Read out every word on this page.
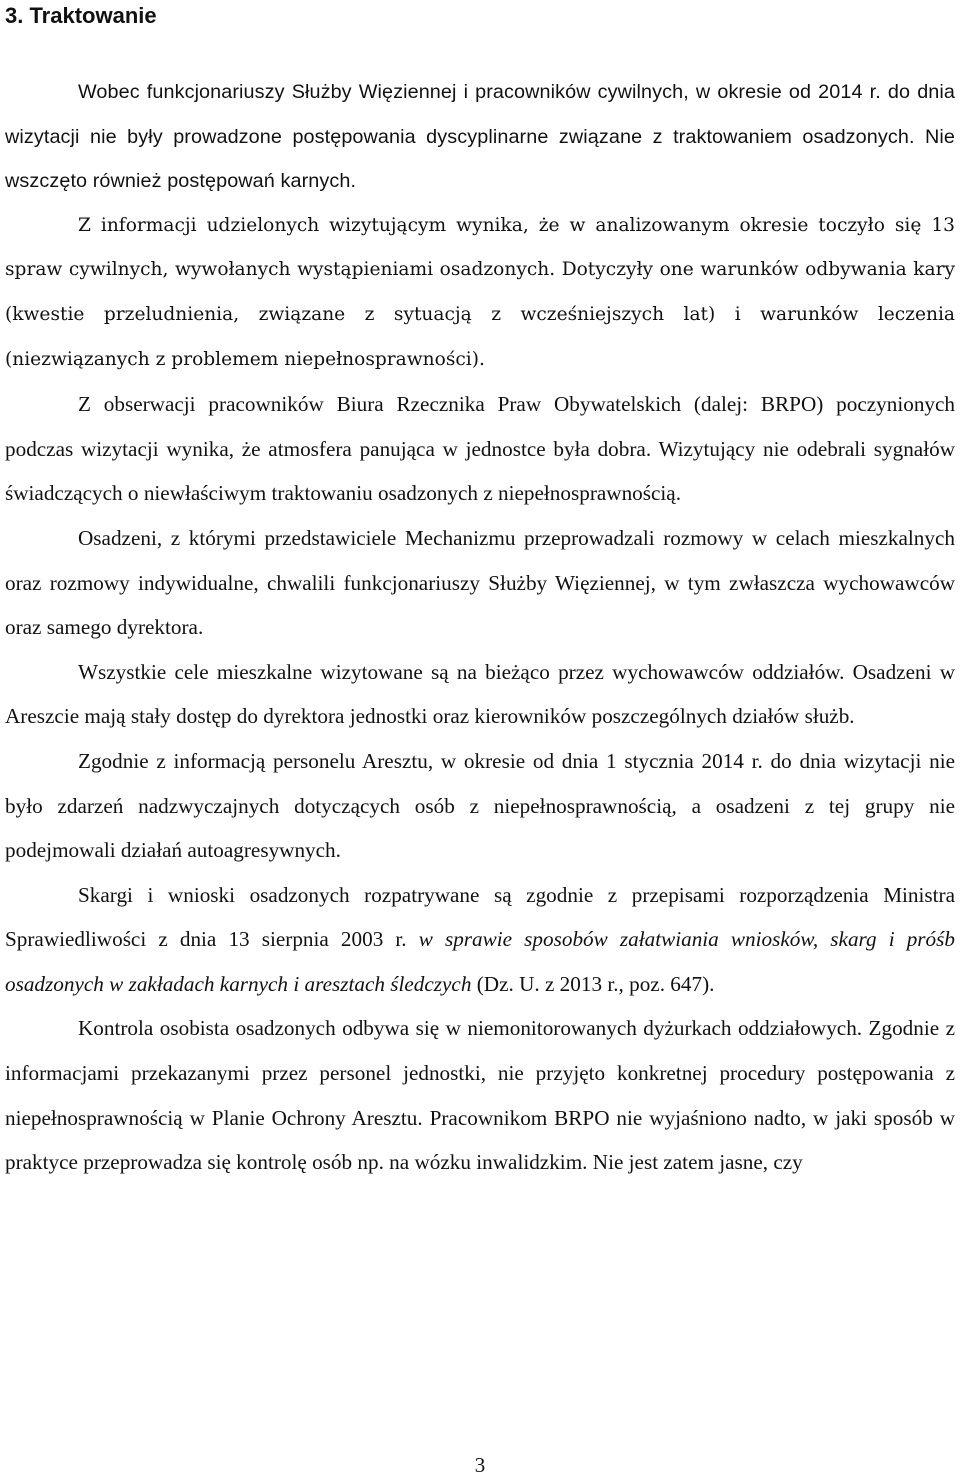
3. Traktowanie

Wobec funkcjonariuszy Służby Więziennej i pracowników cywilnych, w okresie od 2014 r. do dnia wizytacji nie były prowadzone postępowania dyscyplinarne związane z traktowaniem osadzonych. Nie wszczęto również postępowań karnych.

Z informacji udzielonych wizytującym wynika, że w analizowanym okresie toczyło się 13 spraw cywilnych, wywołanych wystąpieniami osadzonych. Dotyczyły one warunków odbywania kary (kwestie przeludnienia, związane z sytuacją z wcześniejszych lat) i warunków leczenia (niezwiązanych z problemem niepełnosprawności).

Z obserwacji pracowników Biura Rzecznika Praw Obywatelskich (dalej: BRPO) poczynionych podczas wizytacji wynika, że atmosfera panująca w jednostce była dobra. Wizytujący nie odebrali sygnałów świadczących o niewłaściwym traktowaniu osadzonych z niepełnosprawnością.

Osadzeni, z którymi przedstawiciele Mechanizmu przeprowadzali rozmowy w celach mieszkalnych oraz rozmowy indywidualne, chwalili funkcjonariuszy Służby Więziennej, w tym zwłaszcza wychowawców oraz samego dyrektora.

Wszystkie cele mieszkalne wizytowane są na bieżąco przez wychowawców oddziałów. Osadzeni w Areszcie mają stały dostęp do dyrektora jednostki oraz kierowników poszczególnych działów służb.

Zgodnie z informacją personelu Aresztu, w okresie od dnia 1 stycznia 2014 r. do dnia wizytacji nie było zdarzeń nadzwyczajnych dotyczących osób z niepełnosprawnością, a osadzeni z tej grupy nie podejmowali działań autoagresywnych.

Skargi i wnioski osadzonych rozpatrywane są zgodnie z przepisami rozporządzenia Ministra Sprawiedliwości z dnia 13 sierpnia 2003 r. w sprawie sposobów załatwiania wniosków, skarg i próśb osadzonych w zakładach karnych i aresztach śledczych (Dz. U. z 2013 r., poz. 647).

Kontrola osobista osadzonych odbywa się w niemonitorowanych dyżurkach oddziałowych. Zgodnie z informacjami przekazanymi przez personel jednostki, nie przyjęto konkretnej procedury postępowania z niepełnosprawnością w Planie Ochrony Aresztu. Pracownikom BRPO nie wyjaśniono nadto, w jaki sposób w praktyce przeprowadza się kontrolę osób np. na wózku inwalidzkim. Nie jest zatem jasne, czy

3
